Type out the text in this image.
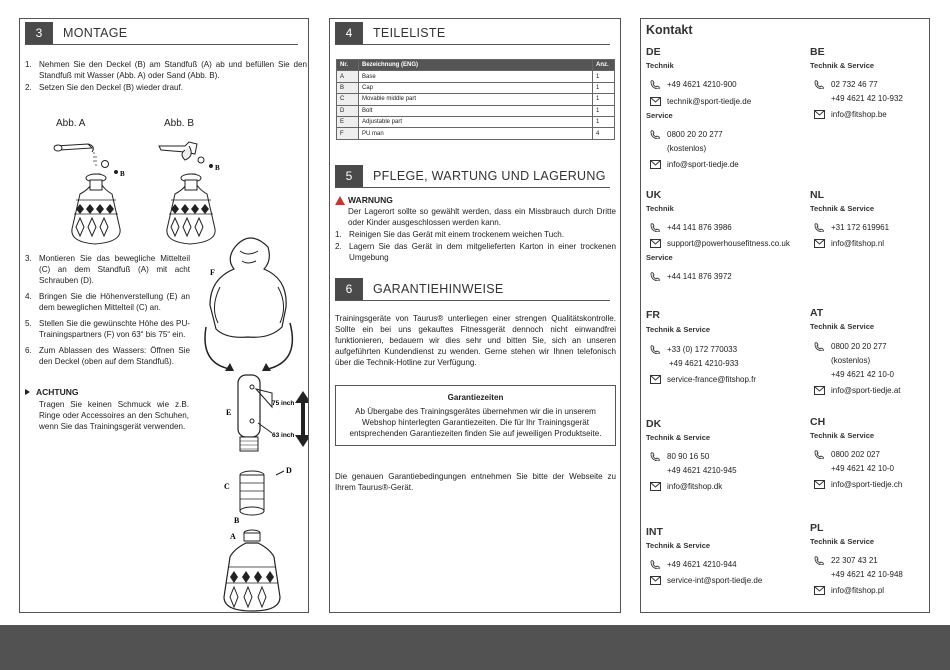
3	MONTAGE
1. Nehmen Sie den Deckel (B) am Standfuß (A) ab und befüllen Sie den Standfuß mit Wasser (Abb. A) oder Sand (Abb. B).
2. Setzen Sie den Deckel (B) wieder drauf.
Abb. A	Abb. B
B
B
3. Montieren Sie das bewegliche Mittelteil (C) an dem Standfuß (A) mit acht Schrauben (D).
4. Bringen Sie die Höhenverstellung (E) an dem beweglichen Mittelteil (C) an.
5. Stellen Sie die gewünschte Höhe des PU-Trainingspartners (F) von 63“ bis 75“ ein.
6. Zum Ablassen des Wassers: Öffnen Sie den Deckel (oben auf dem Standfuß).
ACHTUNG
Tragen Sie keinen Schmuck wie z.B. Ringe oder Accessoires an den Schuhen, wenn Sie das Trainingsgerät verwenden.
F
E
75 inch
63 inch
C
D
B
A
4	TEILELISTE
Nr.	Bezeichnung (ENG)	Anz.
A	Base	1
B	Cap	1
C	Movable middle part	1
D	Bolt	1
E	Adjustable part	1
F	PU man	4
5	PFLEGE, WARTUNG UND LAGERUNG
WARNUNG
Der Lagerort sollte so gewählt werden, dass ein Missbrauch durch Dritte oder Kinder ausgeschlossen werden kann.
1. Reinigen Sie das Gerät mit einem trockenem weichen Tuch.
2. Lagern Sie das Gerät in dem mitgelieferten Karton in einer trockenen Umgebung
6	GARANTIEHINWEISE
Trainingsgeräte von Taurus® unterliegen einer strengen Qualitätskontrolle. Sollte ein bei uns gekauftes Fitnessgerät dennoch nicht einwandfrei funktionieren, bedauern wir dies sehr und bitten Sie, sich an unseren aufgeführten Kundendienst zu wenden. Gerne stehen wir Ihnen telefonisch über die Technik-Hotline zur Verfügung.
Garantiezeiten
Ab Übergabe des Trainingsgerätes übernehmen wir die in unserem Webshop hinterlegten Garantiezeiten. Die für Ihr Trainingsgerät entsprechenden Garantiezeiten finden Sie auf jeweiligen Produktseite.
Die genauen Garantiebedingungen entnehmen Sie bitte der Webseite zu Ihrem Taurus®-Gerät.
Kontakt
DE
Technik
+49 4621 4210-900
technik@sport-tiedje.de
Service
0800 20 20 277
(kostenlos)
info@sport-tiedje.de
BE
Technik & Service
02 732 46 77
+49 4621 42 10-932
info@fitshop.be
UK
Technik
+44 141 876 3986
support@powerhousefitness.co.uk
Service
+44 141 876 3972
NL
Technik & Service
+31 172 619961
info@fitshop.nl
FR
Technik & Service
+33 (0) 172 770033
+49 4621 4210-933
service-france@fitshop.fr
AT
Technik & Service
0800 20 20 277
(kostenlos)
+49 4621 42 10-0
info@sport-tiedje.at
DK
Technik & Service
80 90 16 50
+49 4621 4210-945
info@fitshop.dk
CH
Technik & Service
0800 202 027
+49 4621 42 10-0
info@sport-tiedje.ch
INT
Technik & Service
+49 4621 4210-944
service-int@sport-tiedje.de
PL
Technik & Service
22 307 43 21
+49 4621 42 10-948
info@fitshop.pl
